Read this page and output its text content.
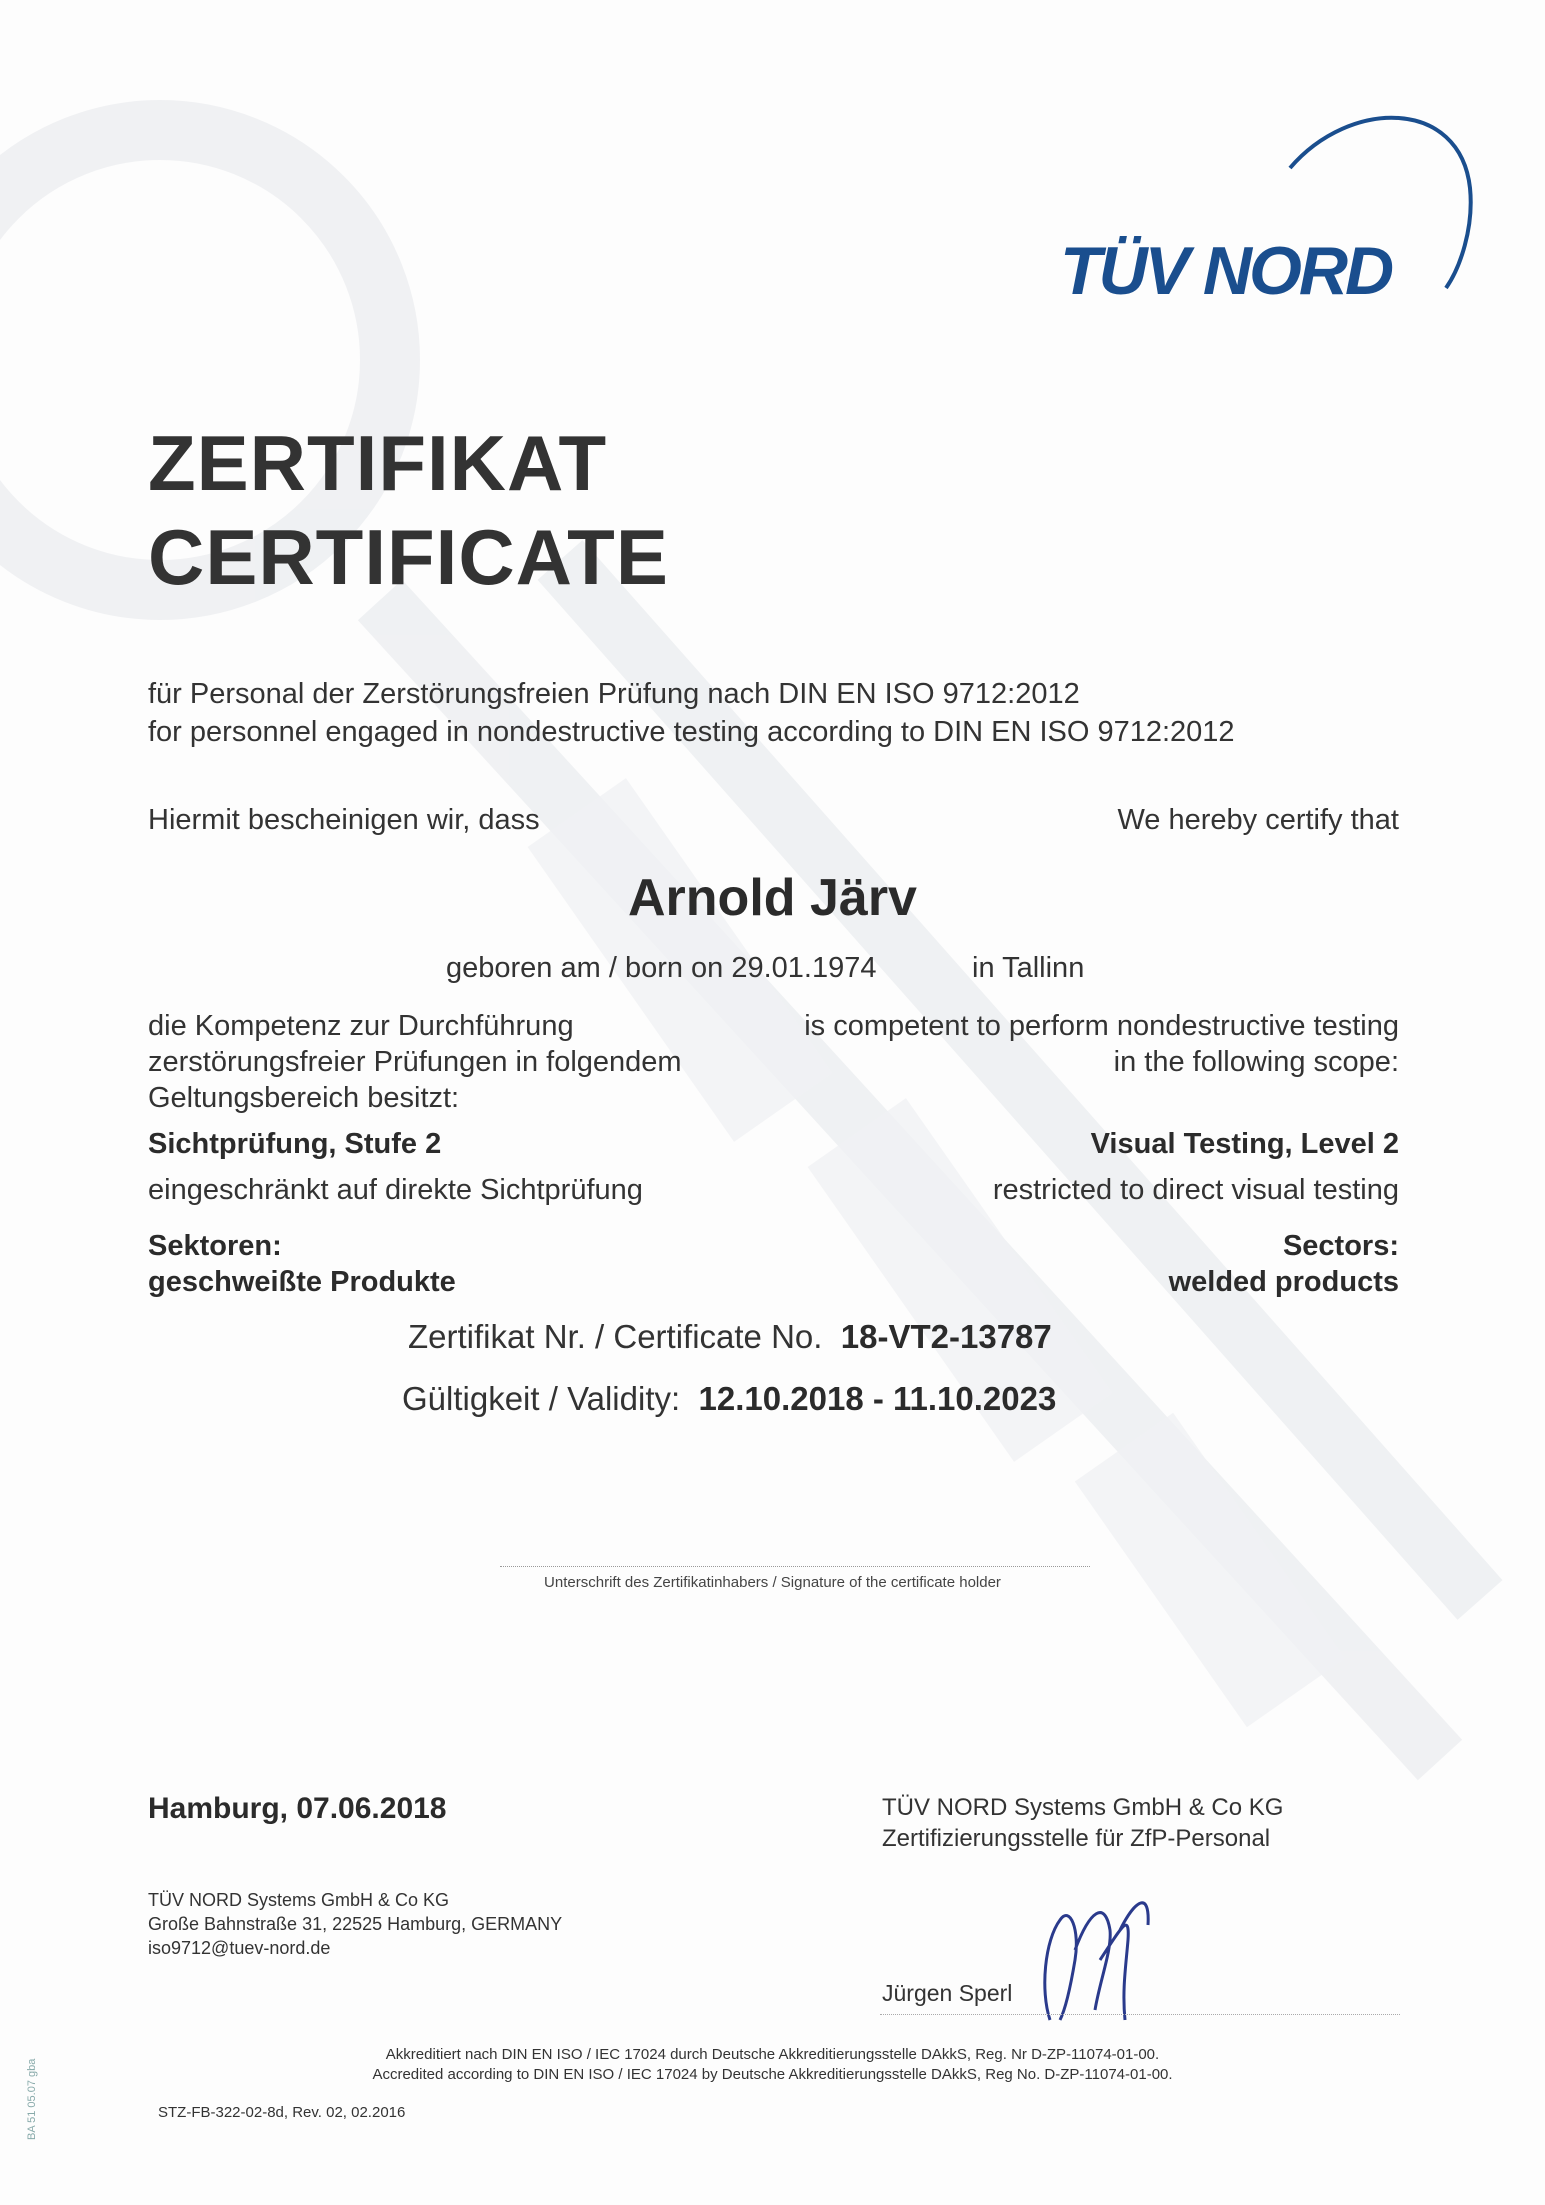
TÜV NORD
ZERTIFIKAT
CERTIFICATE
für Personal der Zerstörungsfreien Prüfung nach DIN EN ISO 9712:2012
for personnel engaged in nondestructive testing according to DIN EN ISO 9712:2012
Hiermit bescheinigen wir, dass	We hereby certify that
Arnold Järv
geboren am / born on 29.01.1974	in Tallinn
die Kompetenz zur Durchführung zerstörungsfreier Prüfungen in folgendem Geltungsbereich besitzt:
is competent to perform nondestructive testing in the following scope:
Sichtprüfung, Stufe 2	Visual Testing, Level 2
eingeschränkt auf direkte Sichtprüfung	restricted to direct visual testing
Sektoren:	Sectors:
geschweißte Produkte	welded products
Zertifikat Nr. / Certificate No. 18-VT2-13787
Gültigkeit / Validity: 12.10.2018 - 11.10.2023
Unterschrift des Zertifikatinhabers / Signature of the certificate holder
Hamburg, 07.06.2018	TÜV NORD Systems GmbH & Co KG
Zertifizierungsstelle für ZfP-Personal
TÜV NORD Systems GmbH & Co KG
Große Bahnstraße 31, 22525 Hamburg, GERMANY
iso9712@tuev-nord.de
Jürgen Sperl
Akkreditiert nach DIN EN ISO / IEC 17024 durch Deutsche Akkreditierungsstelle DAkkS, Reg. Nr D-ZP-11074-01-00.
Accredited according to DIN EN ISO / IEC 17024 by Deutsche Akkreditierungsstelle DAkkS, Reg No. D-ZP-11074-01-00.
STZ-FB-322-02-8d, Rev. 02, 02.2016
BA 51 05.07 gba
